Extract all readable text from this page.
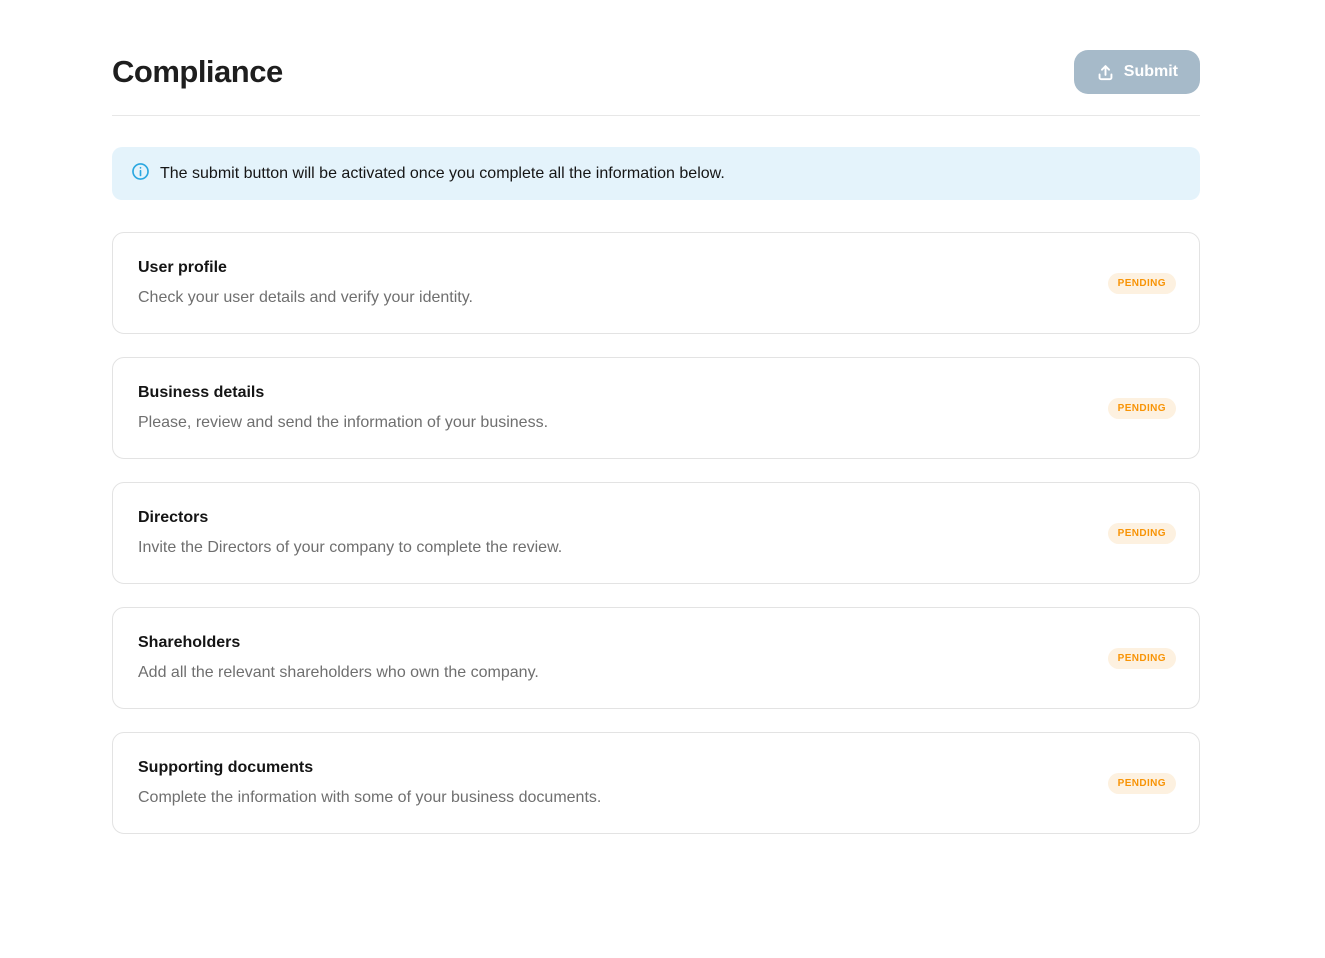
Compliance	Submit
The submit button will be activated once you complete all the information below.
User profile
Check your user details and verify your identity.
PENDING
Business details
Please, review and send the information of your business.
PENDING
Directors
Invite the Directors of your company to complete the review.
PENDING
Shareholders
Add all the relevant shareholders who own the company.
PENDING
Supporting documents
Complete the information with some of your business documents.
PENDING
